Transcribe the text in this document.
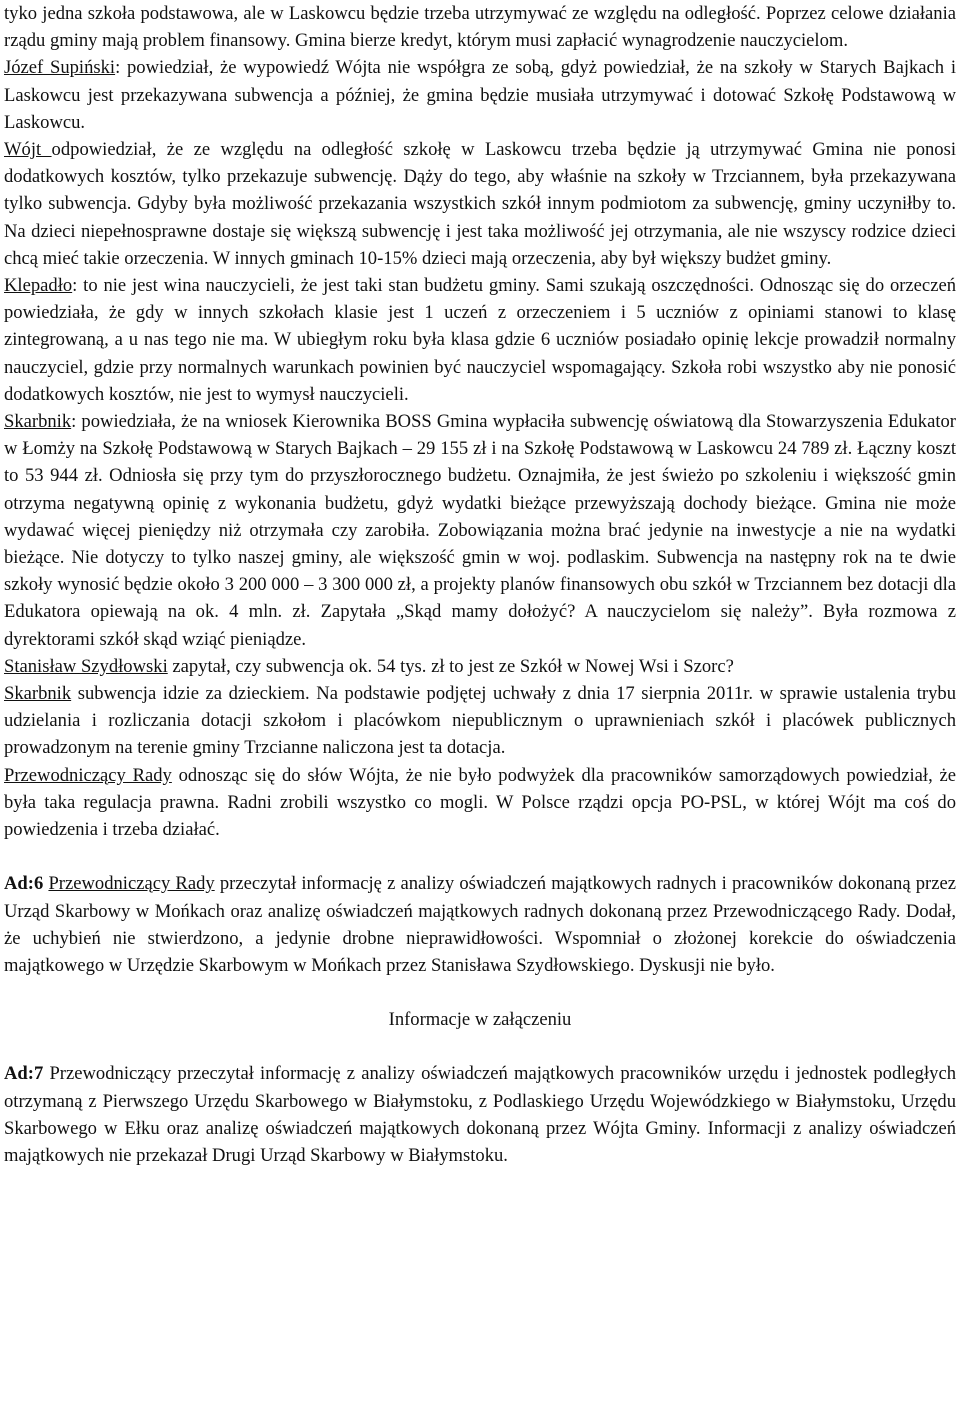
tyko jedna szkoła podstawowa, ale w Laskowcu będzie trzeba utrzymywać ze względu na odległość. Poprzez celowe działania rządu gminy mają problem finansowy. Gmina bierze kredyt, którym musi zapłacić wynagrodzenie nauczycielom.

Józef Supiński: powiedział, że wypowiedź Wójta nie współgra ze sobą, gdyż powiedział, że na szkoły w Starych Bajkach i Laskowcu jest przekazywana subwencja a później, że gmina będzie musiała utrzymywać i dotować Szkołę Podstawową w Laskowcu.

Wójt odpowiedział, że ze względu na odległość szkołę w Laskowcu trzeba będzie ją utrzymywać Gmina nie ponosi dodatkowych kosztów, tylko przekazuje subwencję. Dąży do tego, aby właśnie na szkoły w Trzciannem, była przekazywana tylko subwencja. Gdyby była możliwość przekazania wszystkich szkół innym podmiotom za subwencję, gminy uczyniłby to. Na dzieci niepełnosprawne dostaje się większą subwencję i jest taka możliwość jej otrzymania, ale nie wszyscy rodzice dzieci chcą mieć takie orzeczenia. W innych gminach 10-15% dzieci mają orzeczenia, aby był większy budżet gminy.

Klepadło: to nie jest wina nauczycieli, że jest taki stan budżetu gminy. Sami szukają oszczędności. Odnosząc się do orzeczeń powiedziała, że gdy w innych szkołach klasie jest 1 uczeń z orzeczeniem i 5 uczniów z opiniami stanowi to klasę zintegrowaną, a u nas tego nie ma. W ubiegłym roku była klasa gdzie 6 uczniów posiadało opinię lekcje prowadził normalny nauczyciel, gdzie przy normalnych warunkach powinien być nauczyciel wspomagający. Szkoła robi wszystko aby nie ponosić dodatkowych kosztów, nie jest to wymysł nauczycieli.

Skarbnik: powiedziała, że na wniosek Kierownika BOSS Gmina wypłaciła subwencję oświatową dla Stowarzyszenia Edukator w Łomży na Szkołę Podstawową w Starych Bajkach – 29 155 zł i na Szkołę Podstawową w Laskowcu 24 789 zł. Łączny koszt to 53 944 zł. Odniosła się przy tym do przyszłorocznego budżetu. Oznajmiła, że jest świeżo po szkoleniu i większość gmin otrzyma negatywną opinię z wykonania budżetu, gdyż wydatki bieżące przewyższają dochody bieżące. Gmina nie może wydawać więcej pieniędzy niż otrzymała czy zarobiła. Zobowiązania można brać jedynie na inwestycje a nie na wydatki bieżące. Nie dotyczy to tylko naszej gminy, ale większość gmin w woj. podlaskim. Subwencja na następny rok na te dwie szkoły wynosić będzie około 3 200 000 – 3 300 000 zł, a projekty planów finansowych obu szkół w Trzciannem bez dotacji dla Edukatora opiewają na ok. 4 mln. zł. Zapytała „Skąd mamy dołożyć? A nauczycielom się należy”. Była rozmowa z dyrektorami szkół skąd wziąć pieniądze.

Stanisław Szydłowski zapytał, czy subwencja ok. 54 tys. zł to jest ze Szkół w Nowej Wsi i Szorc?

Skarbnik subwencja idzie za dzieckiem. Na podstawie podjętej uchwały z dnia 17 sierpnia 2011r. w sprawie ustalenia trybu udzielania i rozliczania dotacji szkołom i placówkom niepublicznym o uprawnieniach szkół i placówek publicznych prowadzonym na terenie gminy Trzcianne naliczona jest ta dotacja.

Przewodniczący Rady odnosząc się do słów Wójta, że nie było podwyżek dla pracowników samorządowych powiedział, że była taka regulacja prawna. Radni zrobili wszystko co mogli. W Polsce rządzi opcja PO-PSL, w której Wójt ma coś do powiedzenia i trzeba działać.

Ad:6 Przewodniczący Rady przeczytał informację z analizy oświadczeń majątkowych radnych i pracowników dokonaną przez Urząd Skarbowy w Mońkach oraz analizę oświadczeń majątkowych radnych dokonaną przez Przewodniczącego Rady. Dodał, że uchybień nie stwierdzono, a jedynie drobne nieprawidłowości. Wspomniał o złożonej korekcie do oświadczenia majątkowego w Urzędzie Skarbowym w Mońkach przez Stanisława Szydłowskiego. Dyskusji nie było.

Informacje w załączeniu

Ad:7 Przewodniczący przeczytał informację z analizy oświadczeń majątkowych pracowników urzędu i jednostek podległych otrzymaną z Pierwszego Urzędu Skarbowego w Białymstoku, z Podlaskiego Urzędu Wojewódzkiego w Białymstoku, Urzędu Skarbowego w Ełku oraz analizę oświadczeń majątkowych dokonaną przez Wójta Gminy. Informacji z analizy oświadczeń majątkowych nie przekazał Drugi Urząd Skarbowy w Białymstoku.
